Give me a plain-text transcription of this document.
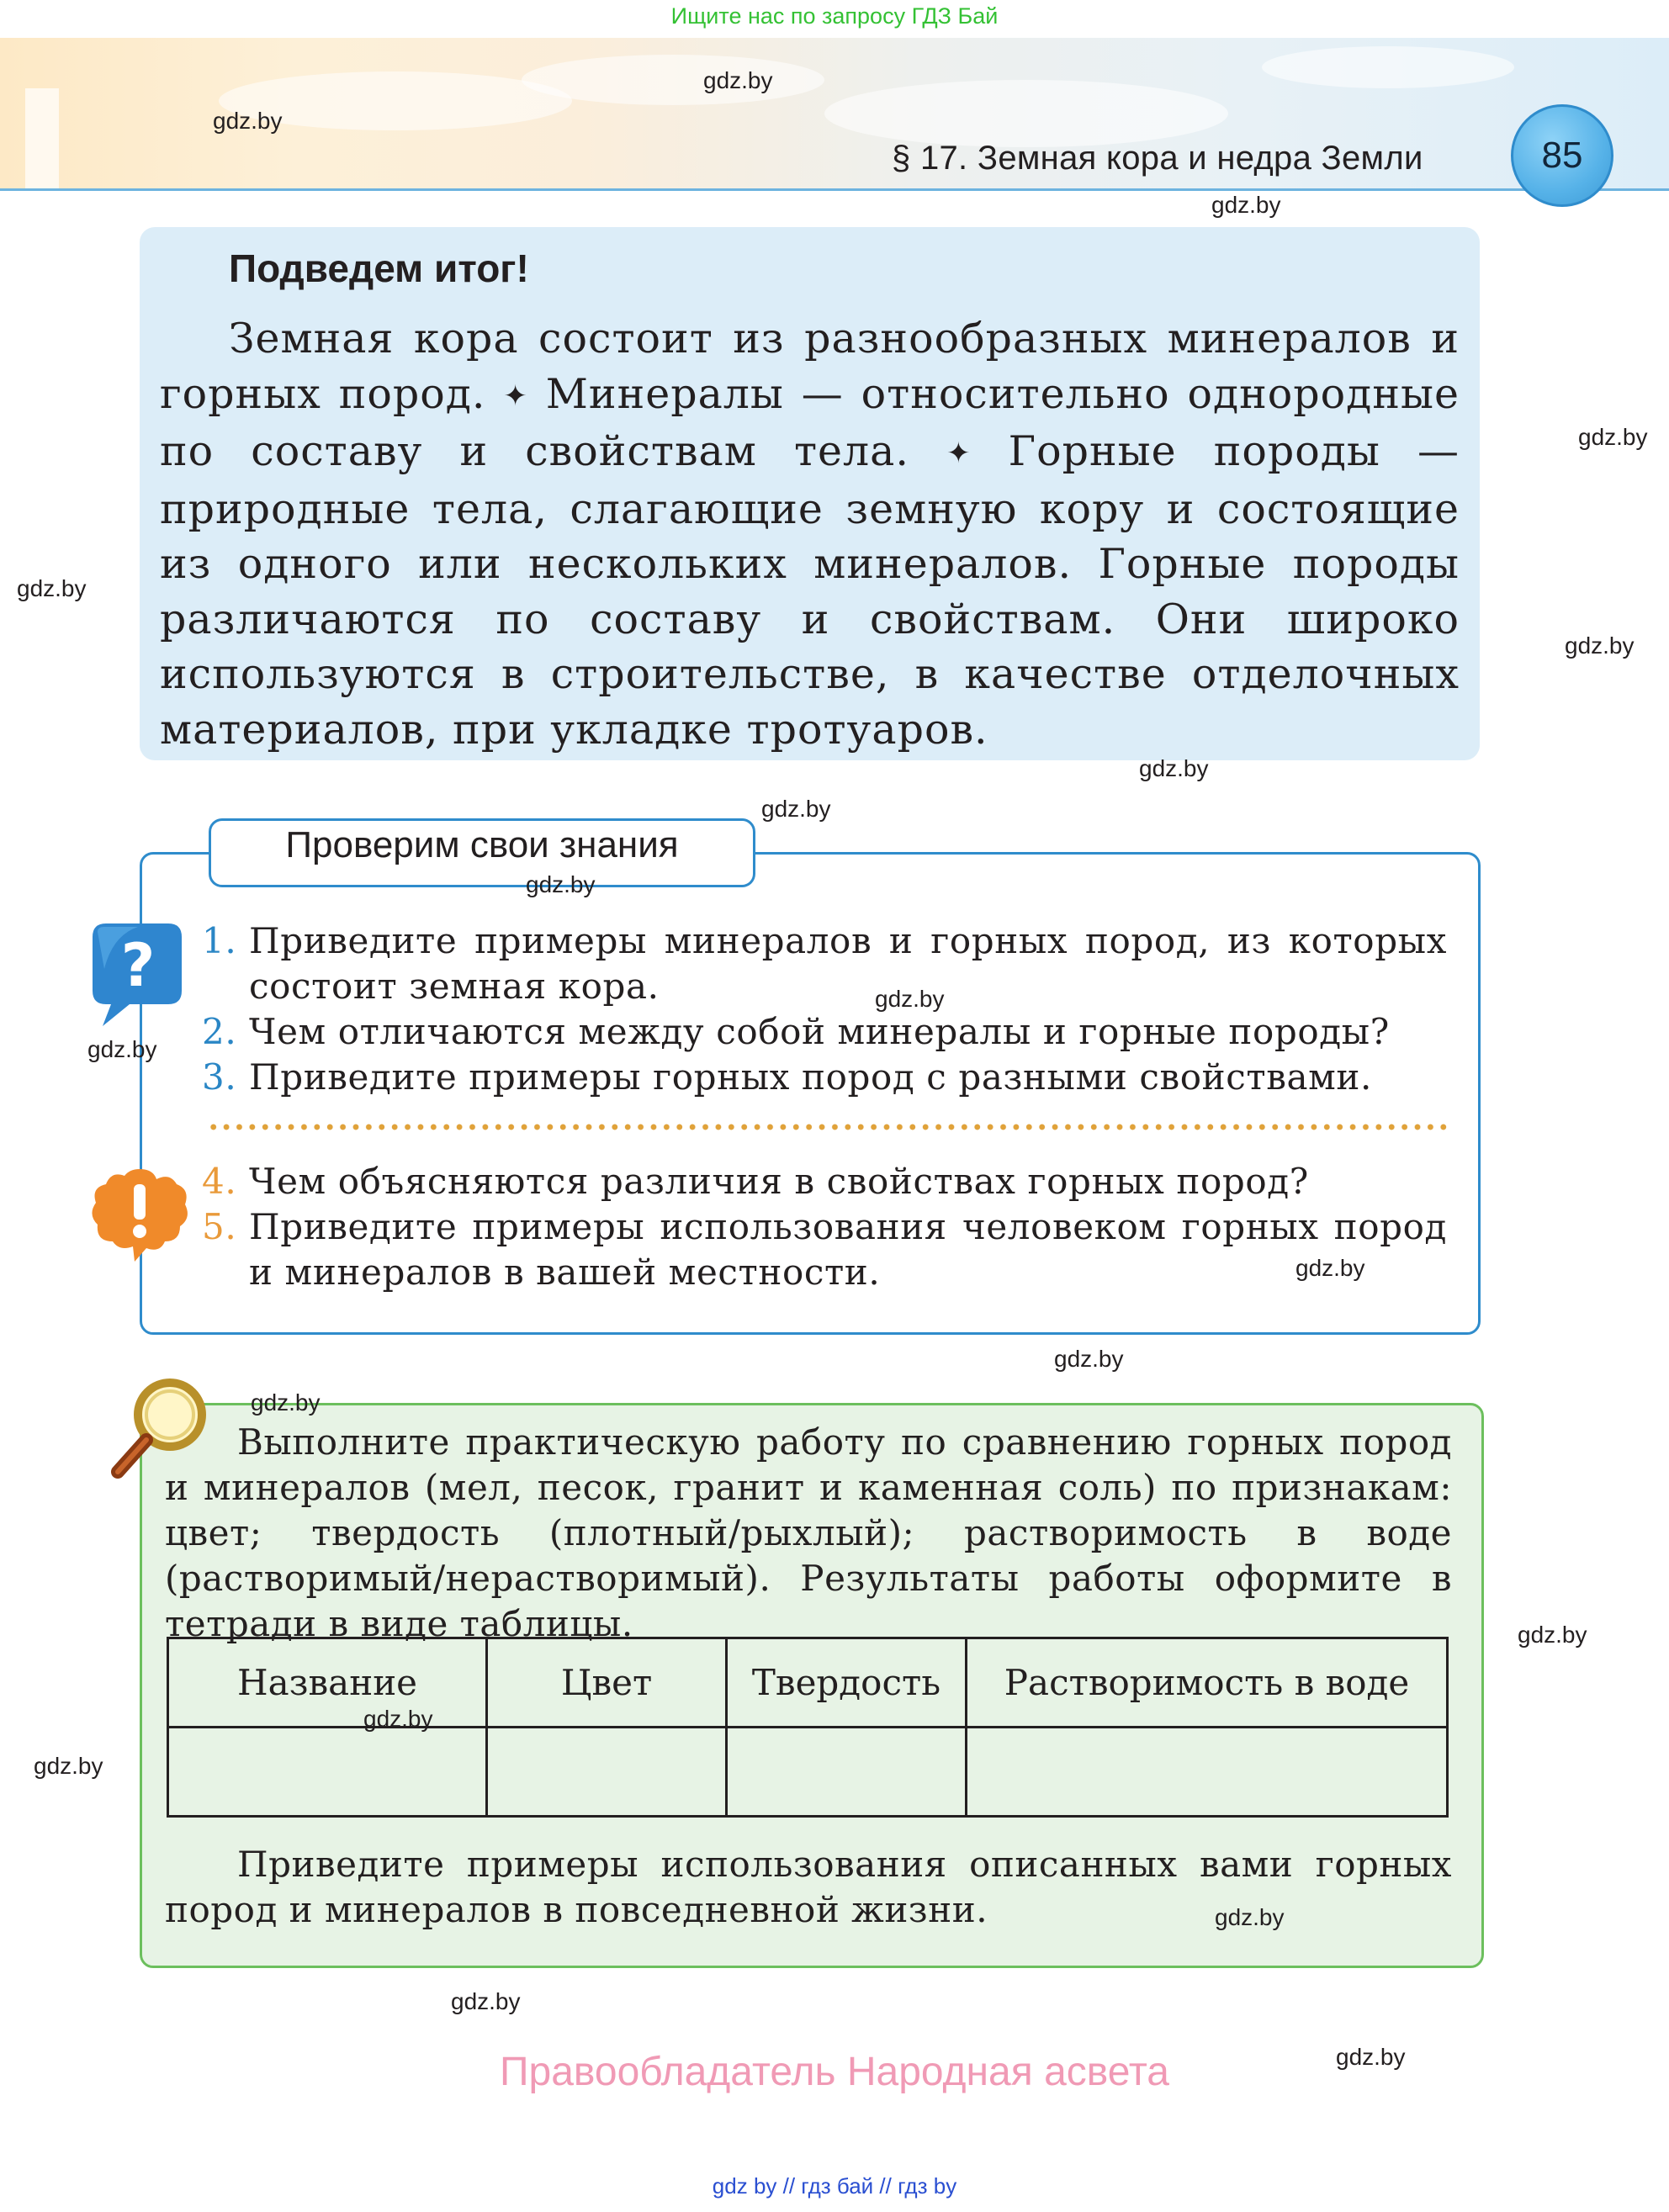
Ищите нас по запросу ГДЗ Бай
§ 17. Земная кора и недра Земли	85
Подведем итог!
Земная кора состоит из разнообразных минералов и горных пород. ✦ Минералы — относительно однородные по составу и свойствам тела. ✦ Горные породы — природные тела, слагающие земную кору и состоящие из одного или нескольких минералов. Горные породы различаются по составу и свойствам. Они широко используются в строительстве, в качестве отделочных материалов, при укладке тротуаров.
Проверим свои знания
? 1. Приведите примеры минералов и горных пород, из которых состоит земная кора.
2. Чем отличаются между собой минералы и горные породы?
3. Приведите примеры горных пород с разными свойствами.
4. Чем объясняются различия в свойствах горных пород?
5. Приведите примеры использования человеком горных пород и минералов в вашей местности.
Выполните практическую работу по сравнению горных пород и минералов (мел, песок, гранит и каменная соль) по признакам: цвет; твердость (плотный/рыхлый); растворимость в воде (растворимый/нерастворимый). Результаты работы оформите в тетради в виде таблицы.
Название	Цвет	Твердость	Растворимость в воде

Приведите примеры использования описанных вами горных пород и минералов в повседневной жизни.
Правообладатель Народная асвета
gdz by // гдз бай // гдз by
gdz.by
gdz.by
gdz.by
gdz.by
gdz.by
gdz.by
gdz.by
gdz.by
gdz.by
gdz.by
gdz.by
gdz.by
gdz.by
gdz.by
gdz.by
gdz.by
gdz.by
gdz.by
gdz.by
gdz.by
